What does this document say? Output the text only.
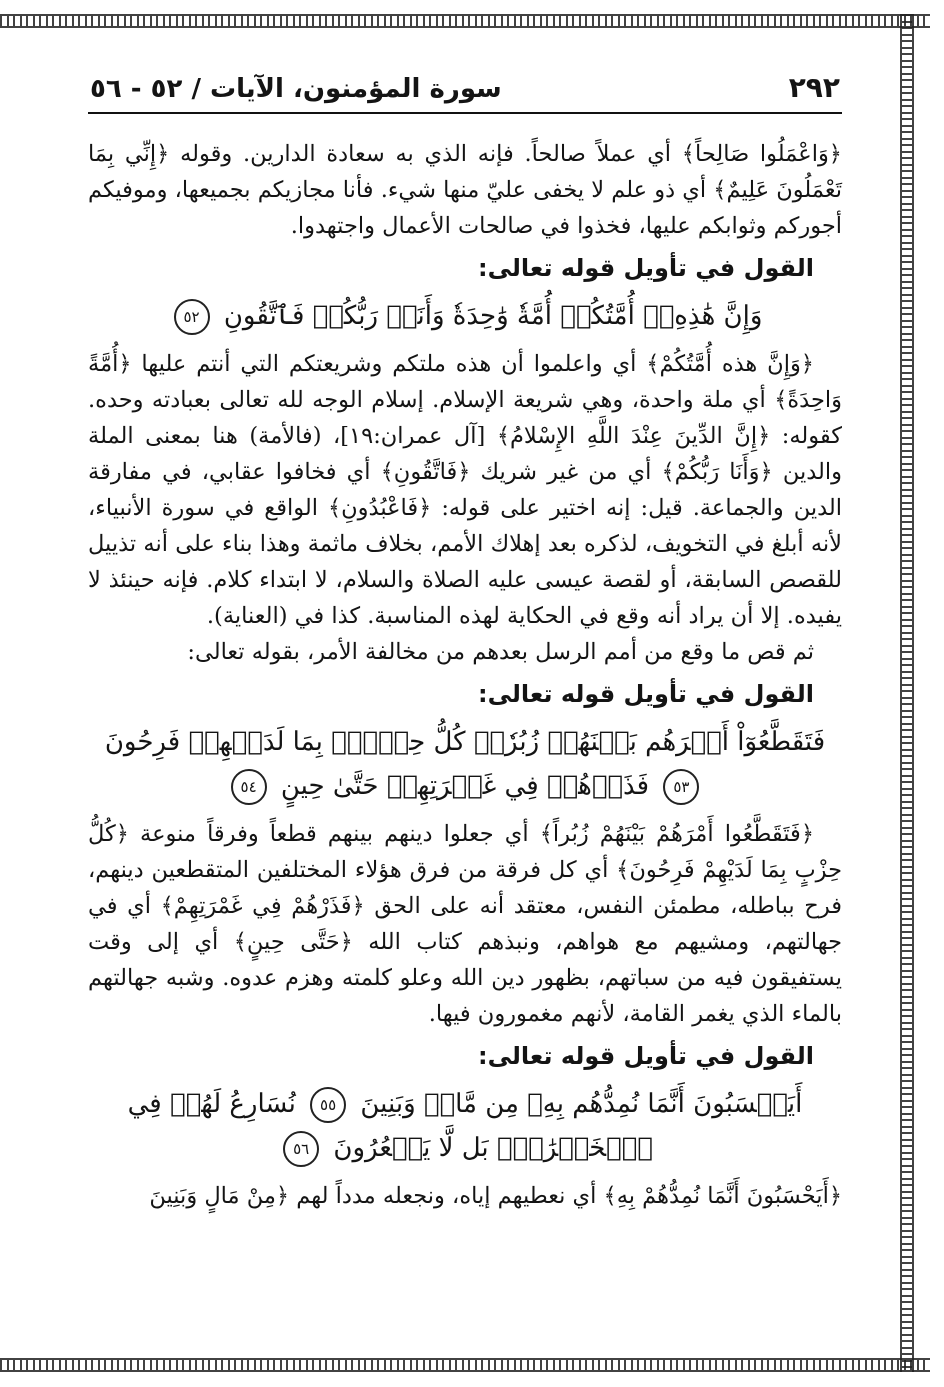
٢٩٢
سورة المؤمنون، الآيات / ٥٢ - ٥٦

﴿وَاعْمَلُوا صَالِحاً﴾ أي عملاً صالحاً. فإنه الذي به سعادة الدارين. وقوله ﴿إِنِّي بِمَا تَعْمَلُونَ عَلِيمٌ﴾ أي ذو علم لا يخفى عليّ منها شيء. فأنا مجازيكم بجميعها، وموفيكم أجوركم وثوابكم عليها، فخذوا في صالحات الأعمال واجتهدوا.

القول في تأويل قوله تعالى:
وَإِنَّ هَٰذِهِۦٓ أُمَّتُكُمۡ أُمَّةٗ وَٰحِدَةٗ وَأَنَا۠ رَبُّكُمۡ فَٱتَّقُونِ ٥٢

﴿وَإِنَّ هذه أُمَّتُكُمْ﴾ أي واعلموا أن هذه ملتكم وشريعتكم التي أنتم عليها ﴿أُمَّةً وَاحِدَةً﴾ أي ملة واحدة، وهي شريعة الإسلام. إسلام الوجه لله تعالى بعبادته وحده. كقوله: ﴿إِنَّ الدِّينَ عِنْدَ اللَّهِ الإِسْلامُ﴾ [آل عمران:١٩]، (فالأمة) هنا بمعنى الملة والدين ﴿وَأَنَا رَبُّكُمْ﴾ أي من غير شريك ﴿فَاتَّقُونِ﴾ أي فخافوا عقابي، في مفارقة الدين والجماعة. قيل: إنه اختير على قوله: ﴿فَاعْبُدُونِ﴾ الواقع في سورة الأنبياء، لأنه أبلغ في التخويف، لذكره بعد إهلاك الأمم، بخلاف ماثمة وهذا بناء على أنه تذييل للقصص السابقة، أو لقصة عيسى عليه الصلاة والسلام، لا ابتداء كلام. فإنه حينئذ لا يفيده. إلا أن يراد أنه وقع في الحكاية لهذه المناسبة. كذا في (العناية).

ثم قص ما وقع من أمم الرسل بعدهم من مخالفة الأمر، بقوله تعالى:

القول في تأويل قوله تعالى:
فَتَقَطَّعُوٓاْ أَمۡرَهُم بَيۡنَهُمۡ زُبُرٗاۖ كُلُّ حِزۡبِۭ بِمَا لَدَيۡهِمۡ فَرِحُونَ ٥٣ فَذَرۡهُمۡ فِي غَمۡرَتِهِمۡ حَتَّىٰ حِينٍ ٥٤

﴿فَتَقَطَّعُوا أَمْرَهُمْ بَيْنَهُمْ زُبُراً﴾ أي جعلوا دينهم بينهم قطعاً وفرقاً منوعة ﴿كُلُّ حِزْبٍ بِمَا لَدَيْهِمْ فَرِحُونَ﴾ أي كل فرقة من فرق هؤلاء المختلفين المتقطعين دينهم، فرح بباطله، مطمئن النفس، معتقد أنه على الحق ﴿فَذَرْهُمْ فِي غَمْرَتِهِمْ﴾ أي في جهالتهم، ومشيهم مع هواهم، ونبذهم كتاب الله ﴿حَتَّى حِينٍ﴾ أي إلى وقت يستفيقون فيه من سباتهم، بظهور دين الله وعلو كلمته وهزم عدوه. وشبه جهالتهم بالماء الذي يغمر القامة، لأنهم مغمورون فيها.

القول في تأويل قوله تعالى:
أَيَحۡسَبُونَ أَنَّمَا نُمِدُّهُم بِهِۦ مِن مَّالٖ وَبَنِينَ ٥٥ نُسَارِعُ لَهُمۡ فِي ٱلۡخَيۡرَٰتِۚ بَل لَّا يَشۡعُرُونَ ٥٦

﴿أَيَحْسَبُونَ أَنَّمَا نُمِدُّهُمْ بِهِ﴾ أي نعطيهم إياه، ونجعله مدداً لهم ﴿مِنْ مَالٍ وَبَنِينَ
